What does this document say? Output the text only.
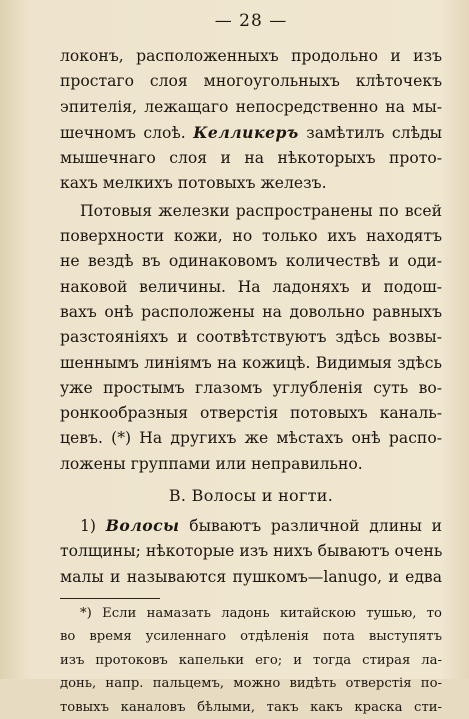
— 28 —
локонъ, расположенныхъ продольно и изъ
простаго слоя многоугольныхъ клѣточекъ
эпителія, лежащаго непосредственно на мы-
шечномъ слоѣ. Келликеръ замѣтилъ слѣды
мышечнаго слоя и на нѣкоторыхъ прото-
кахъ мелкихъ потовыхъ железъ.
Потовыя железки распространены по всей
поверхности кожи, но только ихъ находятъ
не вездѣ въ одинаковомъ количествѣ и оди-
наковой величины. На ладоняхъ и подош-
вахъ онѣ расположены на довольно равныхъ
разстояніяхъ и соотвѣтствуютъ здѣсь возвы-
шеннымъ линіямъ на кожицѣ. Видимыя здѣсь
уже простымъ глазомъ углубленія суть во-
ронкообразныя отверстія потовыхъ каналь-
цевъ. (*) На другихъ же мѣстахъ онѣ распо-
ложены группами или неправильно.
B. Волосы и ногти.
1) Волосы бываютъ различной длины и
толщины; нѣкоторые изъ нихъ бываютъ очень
малы и называются пушкомъ—lanugo, и едва
*) Если намазать ладонь китайскою тушью, то
во время усиленнаго отдѣленія пота выступятъ
изъ протоковъ капельки его; и тогда стирая ла-
донь, напр. пальцемъ, можно видѣть отверстія по-
товыхъ каналовъ бѣлыми, такъ какъ краска сти-
